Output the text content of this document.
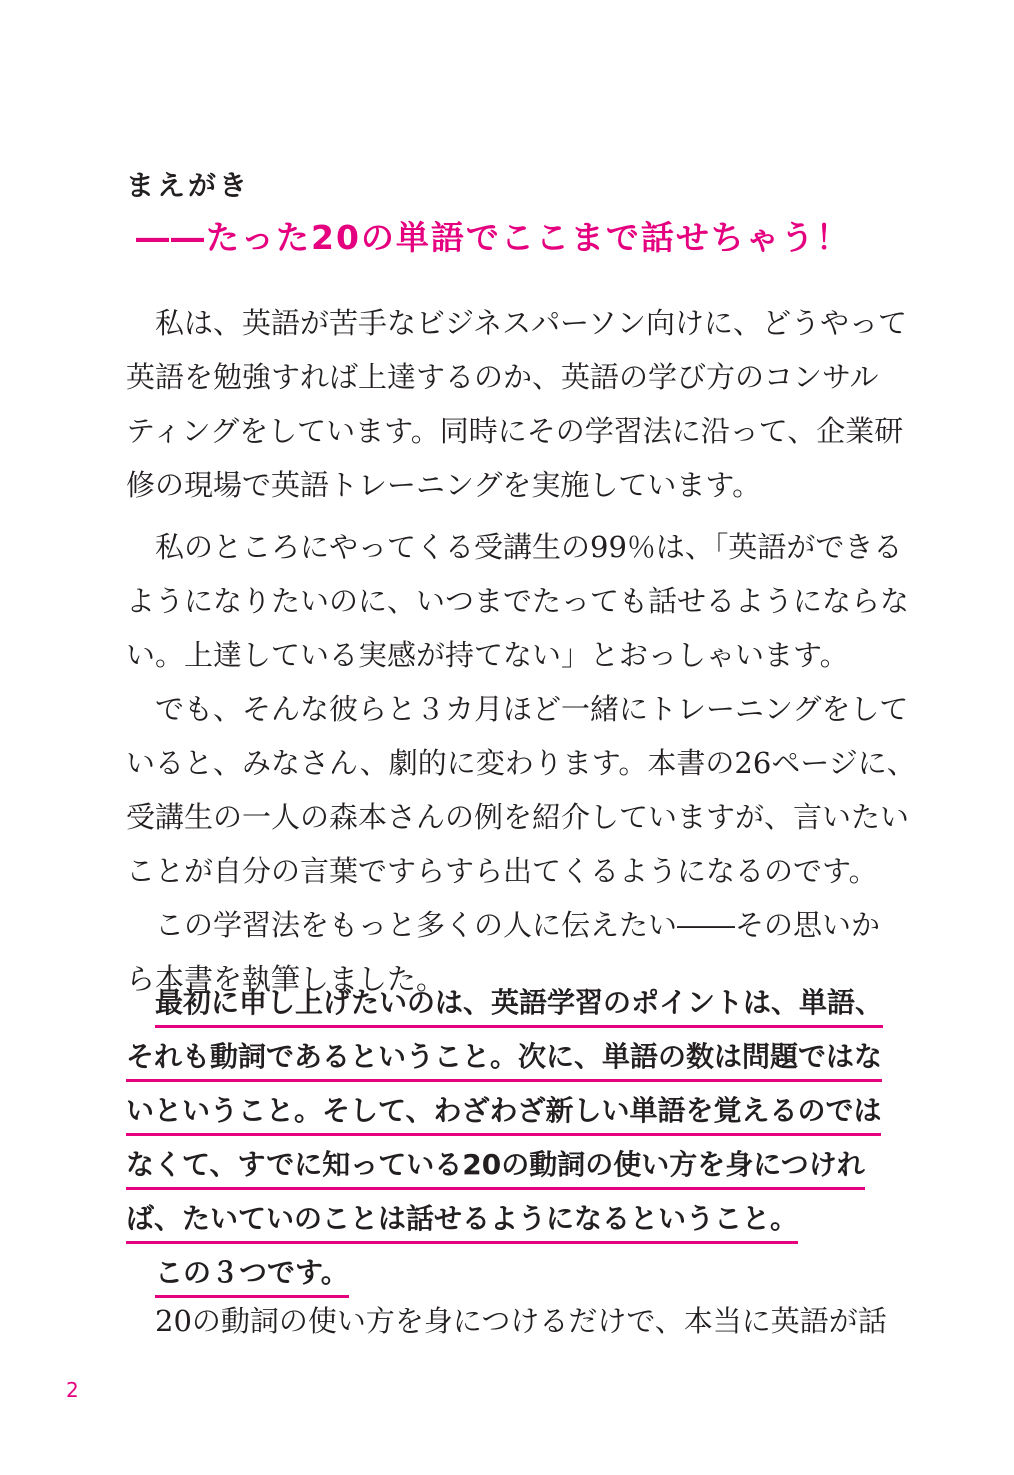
まえがき
――たった20の単語でここまで話せちゃう！
私は、英語が苦手なビジネスパーソン向けに、どうやって
英語を勉強すれば上達するのか、英語の学び方のコンサル
ティングをしています。同時にその学習法に沿って、企業研
修の現場で英語トレーニングを実施しています。
私のところにやってくる受講生の99％は、「英語ができる
ようになりたいのに、いつまでたっても話せるようにならな
い。上達している実感が持てない」とおっしゃいます。
でも、そんな彼らと３カ月ほど一緒にトレーニングをして
いると、みなさん、劇的に変わります。本書の26ページに、
受講生の一人の森本さんの例を紹介していますが、言いたい
ことが自分の言葉ですらすら出てくるようになるのです。
この学習法をもっと多くの人に伝えたい――その思いか
ら本書を執筆しました。
最初に申し上げたいのは、英語学習のポイントは、単語、
それも動詞であるということ。次に、単語の数は問題ではな
いということ。そして、わざわざ新しい単語を覚えるのでは
なくて、すでに知っている20の動詞の使い方を身につけれ
ば、たいていのことは話せるようになるということ。
この３つです。
20の動詞の使い方を身につけるだけで、本当に英語が話
2
